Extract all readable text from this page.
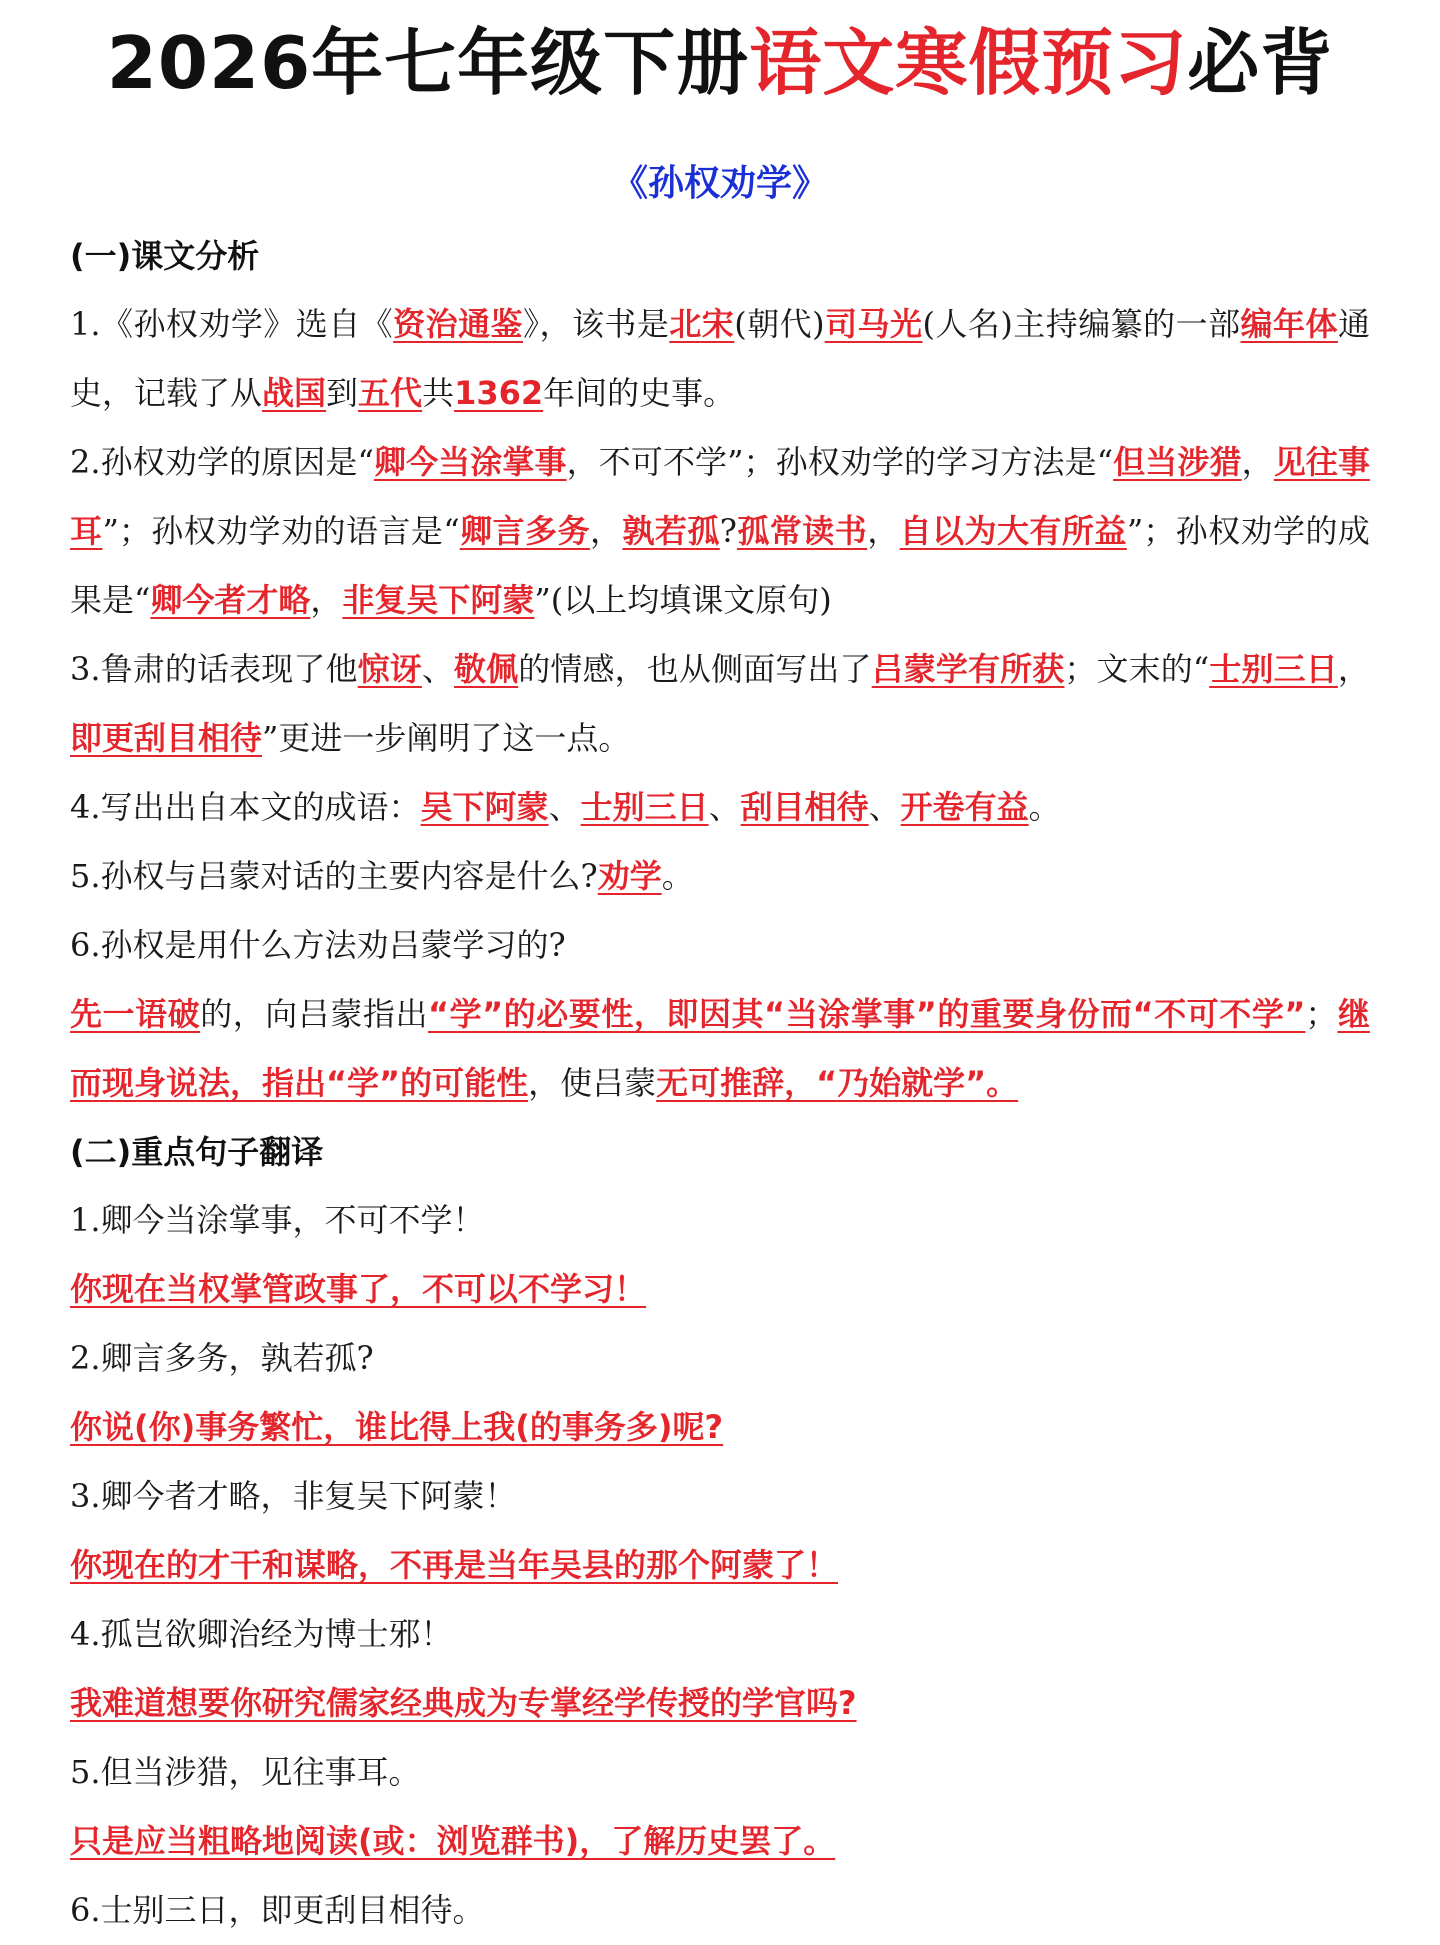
2026年七年级下册语文寒假预习必背
《孙权劝学》
(一)课文分析
1.《孙权劝学》选自《资治通鉴》，该书是北宋(朝代)司马光(人名)主持编纂的一部编年体通史，记载了从战国到五代共1362年间的史事。
2.孙权劝学的原因是“卿今当涂掌事，不可不学”；孙权劝学的学习方法是“但当涉猎，见往事耳”；孙权劝学劝的语言是“卿言多务，孰若孤?孤常读书，自以为大有所益”；孙权劝学的成果是“卿今者才略，非复吴下阿蒙”(以上均填课文原句)
3.鲁肃的话表现了他惊讶、敬佩的情感，也从侧面写出了吕蒙学有所获；文末的“士别三日，即更刮目相待”更进一步阐明了这一点。
4.写出出自本文的成语：吴下阿蒙、士别三日、刮目相待、开卷有益。
5.孙权与吕蒙对话的主要内容是什么?劝学。
6.孙权是用什么方法劝吕蒙学习的?
先一语破的，向吕蒙指出“学”的必要性，即因其“当涂掌事”的重要身份而“不可不学”；继而现身说法，指出“学”的可能性，使吕蒙无可推辞，“乃始就学”。
(二)重点句子翻译
1.卿今当涂掌事，不可不学！
你现在当权掌管政事了，不可以不学习！
2.卿言多务，孰若孤?
你说(你)事务繁忙，谁比得上我(的事务多)呢?
3.卿今者才略，非复吴下阿蒙！
你现在的才干和谋略，不再是当年吴县的那个阿蒙了！
4.孤岂欲卿治经为博士邪！
我难道想要你研究儒家经典成为专掌经学传授的学官吗?
5.但当涉猎，见往事耳。
只是应当粗略地阅读(或：浏览群书)，了解历史罢了。
6.士别三日，即更刮目相待。
